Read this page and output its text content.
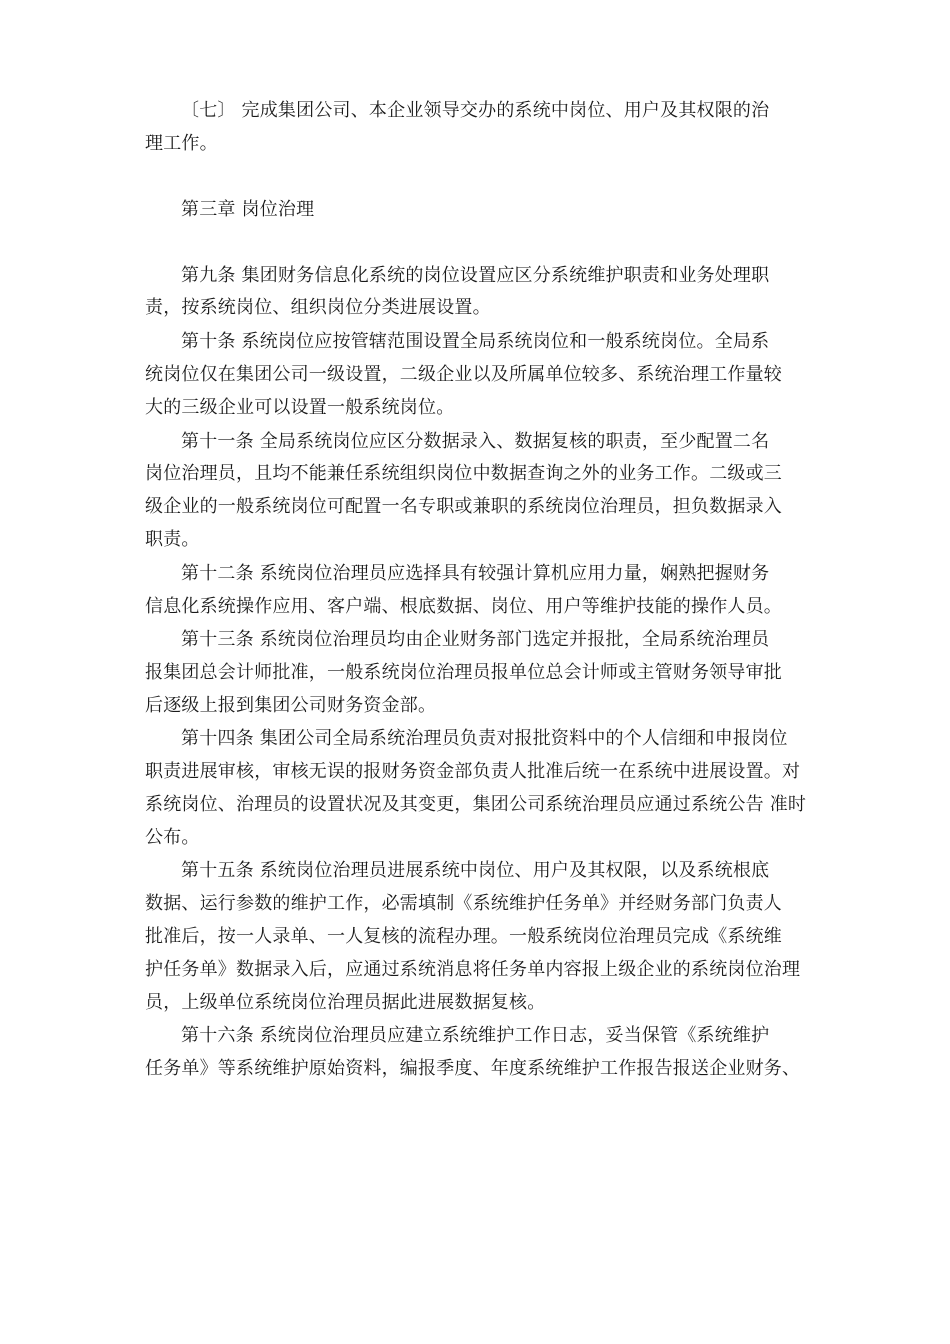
〔七〕 完成集团公司、本企业领导交办的系统中岗位、用户及其权限的治
理工作。
第三章 岗位治理
第九条 集团财务信息化系统的岗位设置应区分系统维护职责和业务处理职
责，按系统岗位、组织岗位分类进展设置。
第十条 系统岗位应按管辖范围设置全局系统岗位和一般系统岗位。全局系
统岗位仅在集团公司一级设置，二级企业以及所属单位较多、系统治理工作量较
大的三级企业可以设置一般系统岗位。
第十一条 全局系统岗位应区分数据录入、数据复核的职责，至少配置二名
岗位治理员，且均不能兼任系统组织岗位中数据查询之外的业务工作。二级或三
级企业的一般系统岗位可配置一名专职或兼职的系统岗位治理员，担负数据录入
职责。
第十二条 系统岗位治理员应选择具有较强计算机应用力量，娴熟把握财务
信息化系统操作应用、客户端、根底数据、岗位、用户等维护技能的操作人员。
第十三条 系统岗位治理员均由企业财务部门选定并报批，全局系统治理员
报集团总会计师批准，一般系统岗位治理员报单位总会计师或主管财务领导审批
后逐级上报到集团公司财务资金部。
第十四条 集团公司全局系统治理员负责对报批资料中的个人信细和申报岗位
职责进展审核，审核无误的报财务资金部负责人批准后统一在系统中进展设置。对
系统岗位、治理员的设置状况及其变更，集团公司系统治理员应通过系统公告 准时
公布。
第十五条 系统岗位治理员进展系统中岗位、用户及其权限，以及系统根底
数据、运行参数的维护工作，必需填制《系统维护任务单》并经财务部门负责人
批准后，按一人录单、一人复核的流程办理。一般系统岗位治理员完成《系统维
护任务单》数据录入后，应通过系统消息将任务单内容报上级企业的系统岗位治理
员，上级单位系统岗位治理员据此进展数据复核。
第十六条 系统岗位治理员应建立系统维护工作日志，妥当保管《系统维护
任务单》等系统维护原始资料，编报季度、年度系统维护工作报告报送企业财务、
